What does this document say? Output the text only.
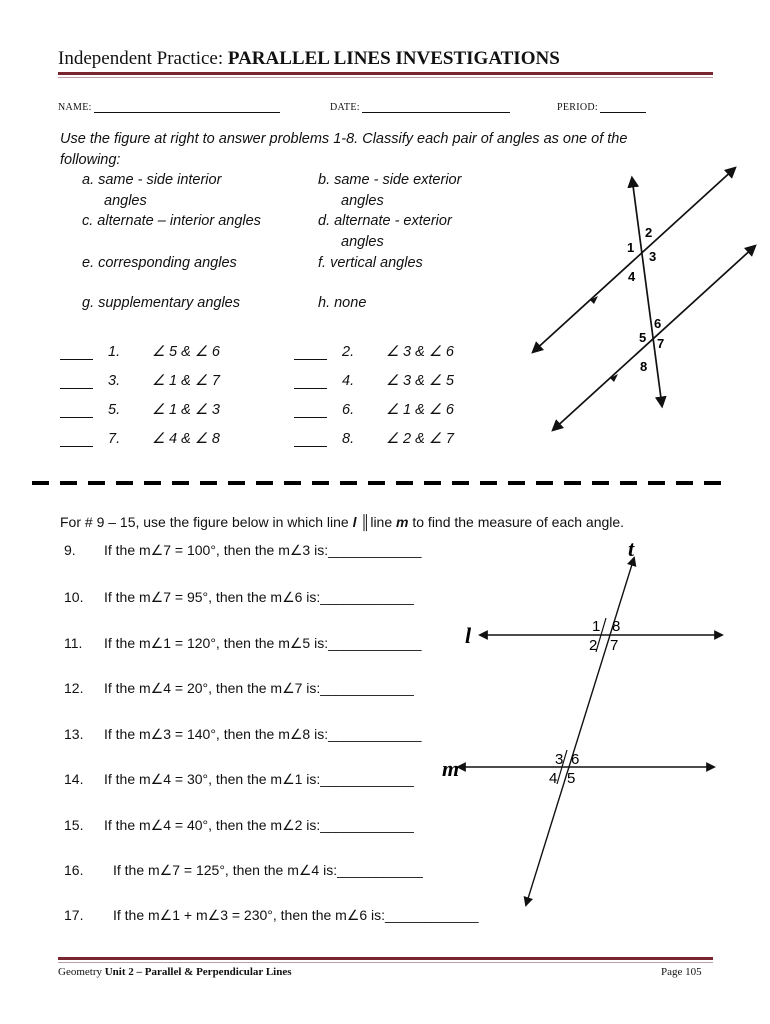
Independent Practice: PARALLEL LINES INVESTIGATIONS
NAME:	DATE:	PERIOD:
Use the figure at right to answer problems 1-8. Classify each pair of angles as one of the
following:
a. same - side interior
angles
b. same - side exterior
angles
c. alternate – interior angles	d. alternate - exterior
angles
e. corresponding angles	f. vertical angles
g. supplementary angles	h. none
1. ∠ 5 & ∠ 6	2. ∠ 3 & ∠ 6
3. ∠ 1 & ∠ 7	4. ∠ 3 & ∠ 5
5. ∠ 1 & ∠ 3	6. ∠ 1 & ∠ 6
7. ∠ 4 & ∠ 8	8. ∠ 2 & ∠ 7
1
2
3
4
5
6
7
8
For # 9 – 15, use the figure below in which line l ║line m to find the measure of each angle.
9. If the m∠7 = 100°, then the m∠3 is:____________
10. If the m∠7 = 95°, then the m∠6 is:____________
11. If the m∠1 = 120°, then the m∠5 is:____________
12. If the m∠4 = 20°, then the m∠7 is:____________
13. If the m∠3 = 140°, then the m∠8 is:____________
14. If the m∠4 = 30°, then the m∠1 is:____________
15. If the m∠4 = 40°, then the m∠2 is:____________
16. If the m∠7 = 125°, then the m∠4 is:___________
17. If the m∠1 + m∠3 = 230°, then the m∠6 is:____________
t
l
m
1 8
2 7
3 6
4 5
Geometry Unit 2 – Parallel & Perpendicular Lines	Page 105
